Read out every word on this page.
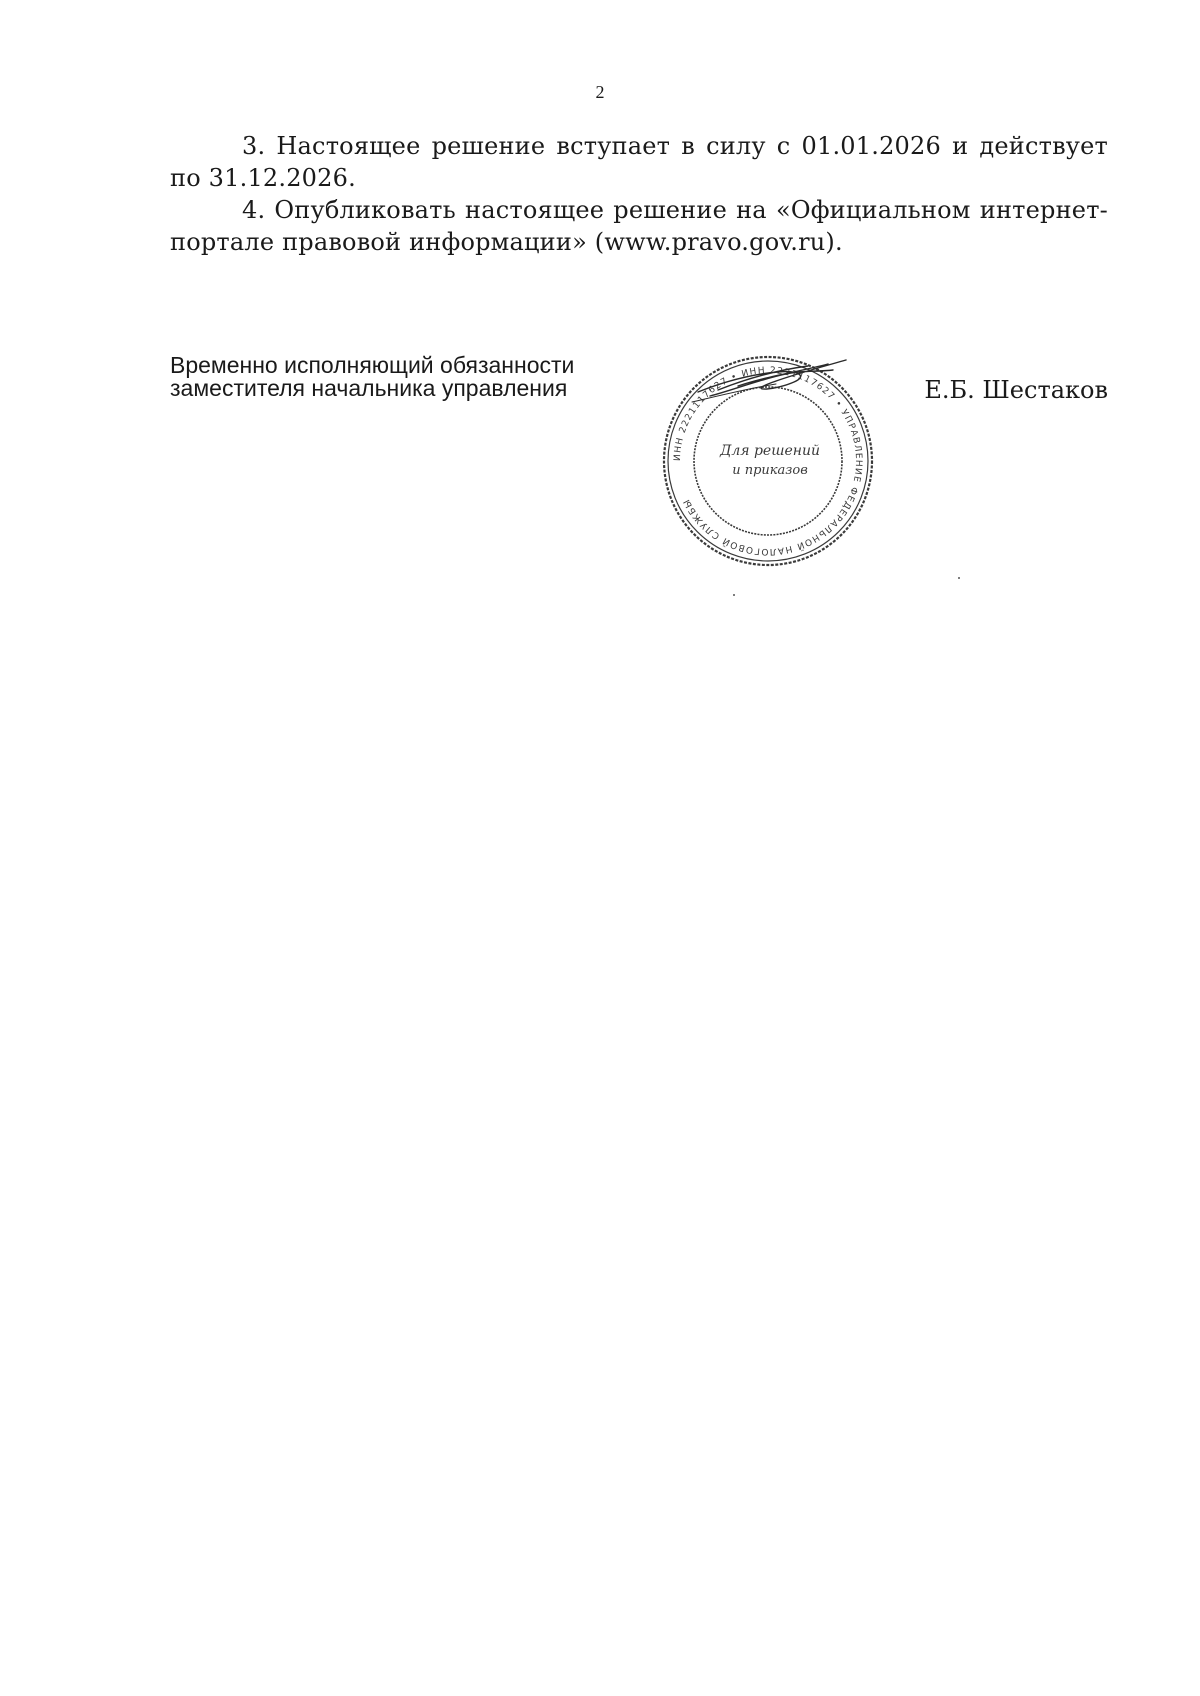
2
3. Настоящее решение вступает в силу с 01.01.2026 и действует
по 31.12.2026.
4. Опубликовать настоящее решение на «Официальном интернет-
портале правовой информации» (www.pravo.gov.ru).
Временно исполняющий обязанности
заместителя начальника управления	Е.Б. Шестаков
ИНН 2221117627 • ИНН 2221117627 • УПРАВЛЕНИЕ ФЕДЕРАЛЬНОЙ НАЛОГОВОЙ СЛУЖБЫ
Для решений
и приказов
